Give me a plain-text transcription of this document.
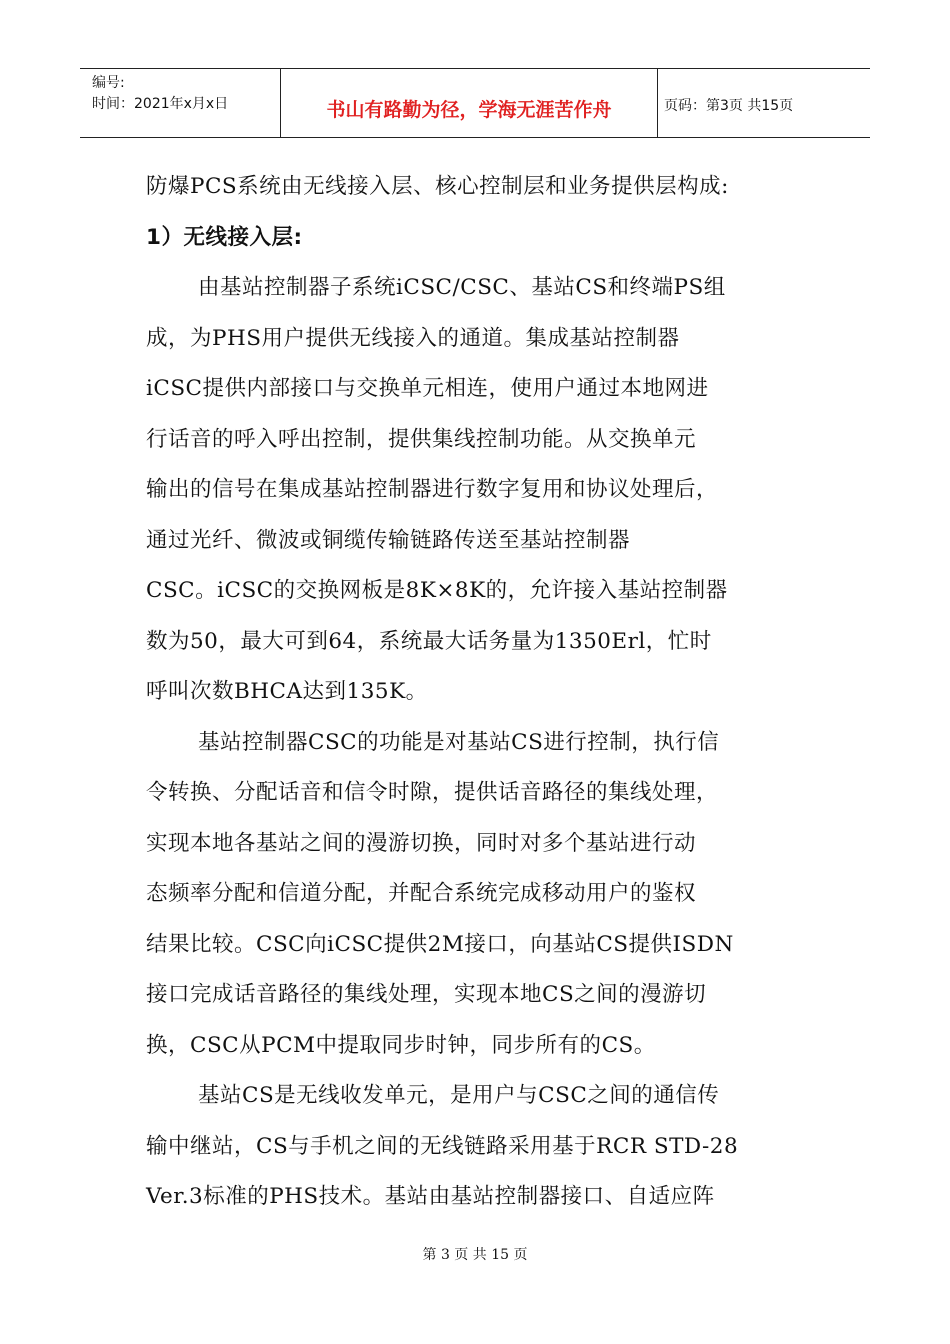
编号:
时间：2021年x月x日	书山有路勤为径，学海无涯苦作舟	页码：第3页 共15页
防爆PCS系统由无线接入层、核心控制层和业务提供层构成:
1）无线接入层:
由基站控制器子系统iCSC/CSC、基站CS和终端PS组
成，为PHS用户提供无线接入的通道。集成基站控制器
iCSC提供内部接口与交换单元相连，使用户通过本地网进
行话音的呼入呼出控制，提供集线控制功能。从交换单元
输出的信号在集成基站控制器进行数字复用和协议处理后，
通过光纤、微波或铜缆传输链路传送至基站控制器
CSC。iCSC的交换网板是8K×8K的，允许接入基站控制器
数为50，最大可到64，系统最大话务量为1350Erl，忙时
呼叫次数BHCA达到135K。
基站控制器CSC的功能是对基站CS进行控制，执行信
令转换、分配话音和信令时隙，提供话音路径的集线处理，
实现本地各基站之间的漫游切换，同时对多个基站进行动
态频率分配和信道分配，并配合系统完成移动用户的鉴权
结果比较。CSC向iCSC提供2M接口，向基站CS提供ISDN
接口完成话音路径的集线处理，实现本地CS之间的漫游切
换，CSC从PCM中提取同步时钟，同步所有的CS。
基站CS是无线收发单元，是用户与CSC之间的通信传
输中继站，CS与手机之间的无线链路采用基于RCR STD-28
Ver.3标准的PHS技术。基站由基站控制器接口、自适应阵
第 3 页 共 15 页
